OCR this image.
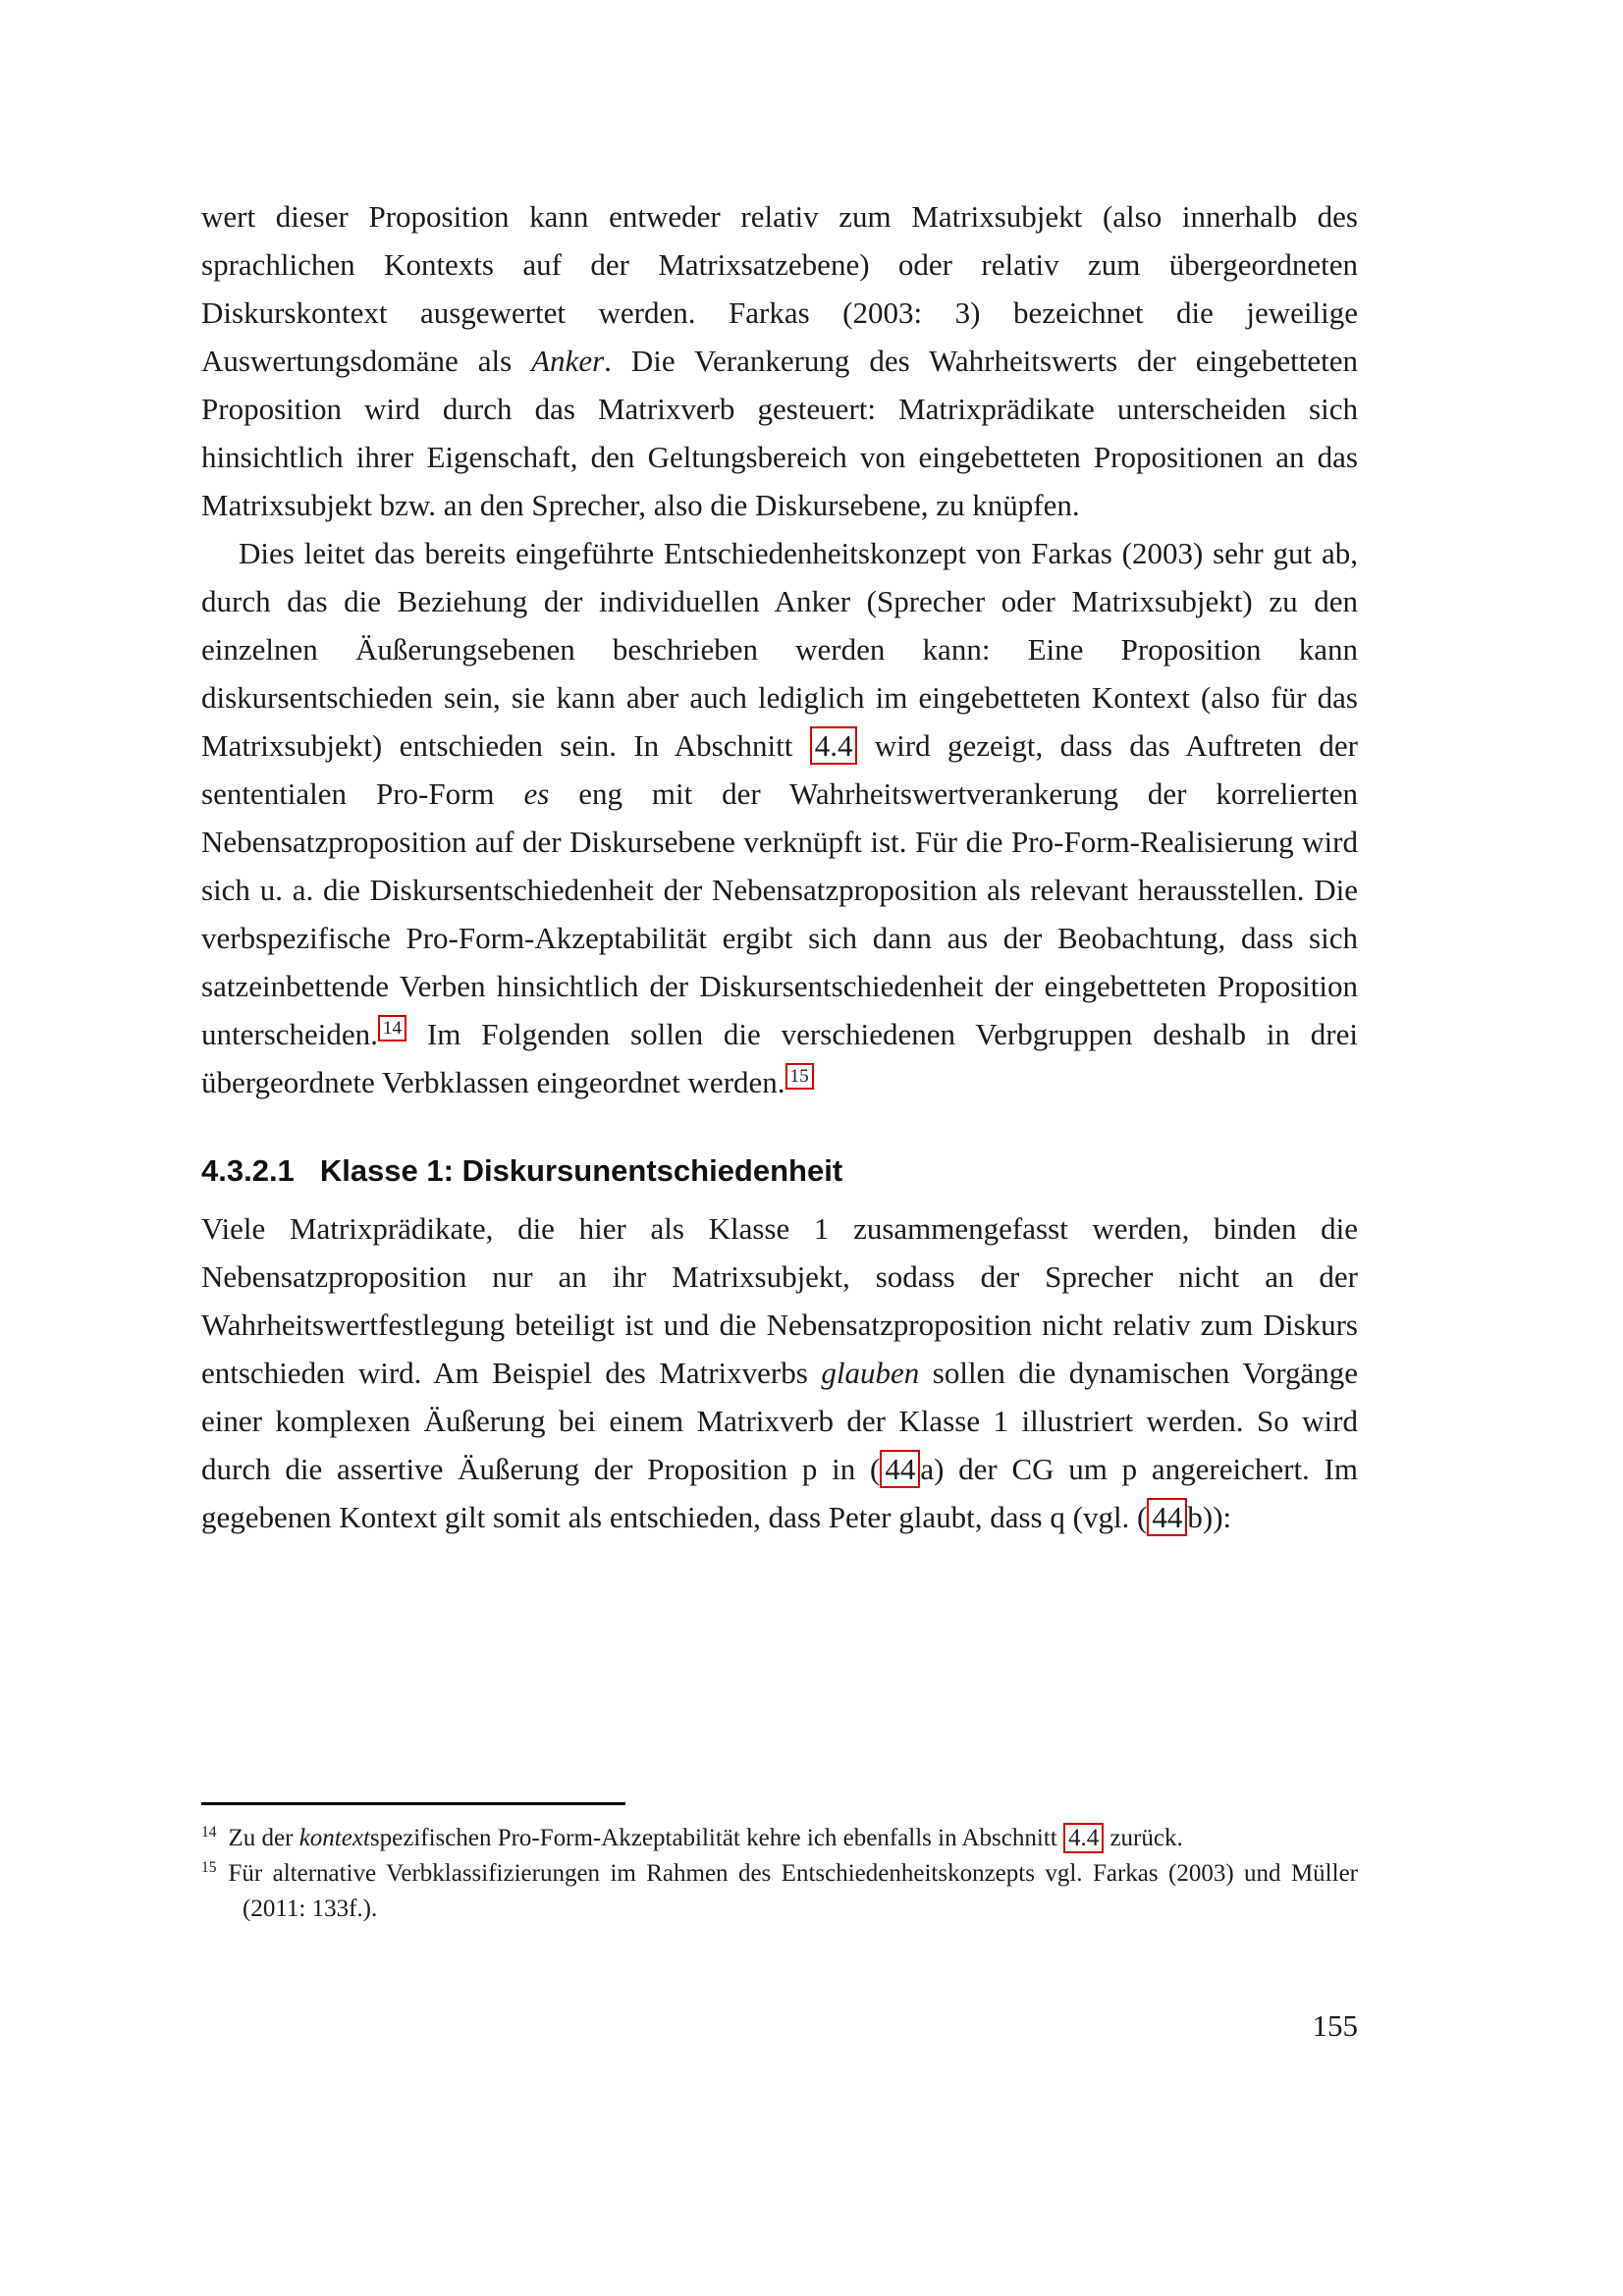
wert dieser Proposition kann entweder relativ zum Matrixsubjekt (also innerhalb des sprachlichen Kontexts auf der Matrixsatzebene) oder relativ zum übergeordneten Diskurskontext ausgewertet werden. Farkas (2003: 3) bezeichnet die jeweilige Auswertungsdomäne als Anker. Die Verankerung des Wahrheitswerts der eingebetteten Proposition wird durch das Matrixverb gesteuert: Matrixprädikate unterscheiden sich hinsichtlich ihrer Eigenschaft, den Geltungsbereich von eingebetteten Propositionen an das Matrixsubjekt bzw. an den Sprecher, also die Diskursebene, zu knüpfen.

Dies leitet das bereits eingeführte Entschiedenheitskonzept von Farkas (2003) sehr gut ab, durch das die Beziehung der individuellen Anker (Sprecher oder Matrixsubjekt) zu den einzelnen Äußerungsebenen beschrieben werden kann: Eine Proposition kann diskursentschieden sein, sie kann aber auch lediglich im eingebetteten Kontext (also für das Matrixsubjekt) entschieden sein. In Abschnitt 4.4 wird gezeigt, dass das Auftreten der sententialen Pro-Form es eng mit der Wahrheitswertverankerung der korrelierten Nebensatzproposition auf der Diskursebene verknüpft ist. Für die Pro-Form-Realisierung wird sich u. a. die Diskursentschiedenheit der Nebensatzproposition als relevant herausstellen. Die verbspezifische Pro-Form-Akzeptabilität ergibt sich dann aus der Beobachtung, dass sich satzeinbettende Verben hinsichtlich der Diskursentschiedenheit der eingebetteten Proposition unterscheiden. $^{14}$ Im Folgenden sollen die verschiedenen Verbgruppen deshalb in drei übergeordnete Verbklassen eingeordnet werden. $^{15}$

4.3.2.1 Klasse 1: Diskursunentschiedenheit

Viele Matrixprädikate, die hier als Klasse 1 zusammengefasst werden, binden die Nebensatzproposition nur an ihr Matrixsubjekt, sodass der Sprecher nicht an der Wahrheitswertfestlegung beteiligt ist und die Nebensatzproposition nicht relativ zum Diskurs entschieden wird. Am Beispiel des Matrixverbs glauben sollen die dynamischen Vorgänge einer komplexen Äußerung bei einem Matrixverb der Klasse 1 illustriert werden. So wird durch die assertive Äußerung der Proposition p in ( 44 a) der CG um p angereichert. Im gegebenen Kontext gilt somit als entschieden, dass Peter glaubt, dass q (vgl. ( 44 b)):

$^{14}$ Zu der kontextspezifischen Pro-Form-Akzeptabilität kehre ich ebenfalls in Abschnitt 4.4 zurück.
$^{15}$ Für alternative Verbklassifizierungen im Rahmen des Entschiedenheitskonzepts vgl. Farkas (2003) und Müller (2011: 133f.).
155
